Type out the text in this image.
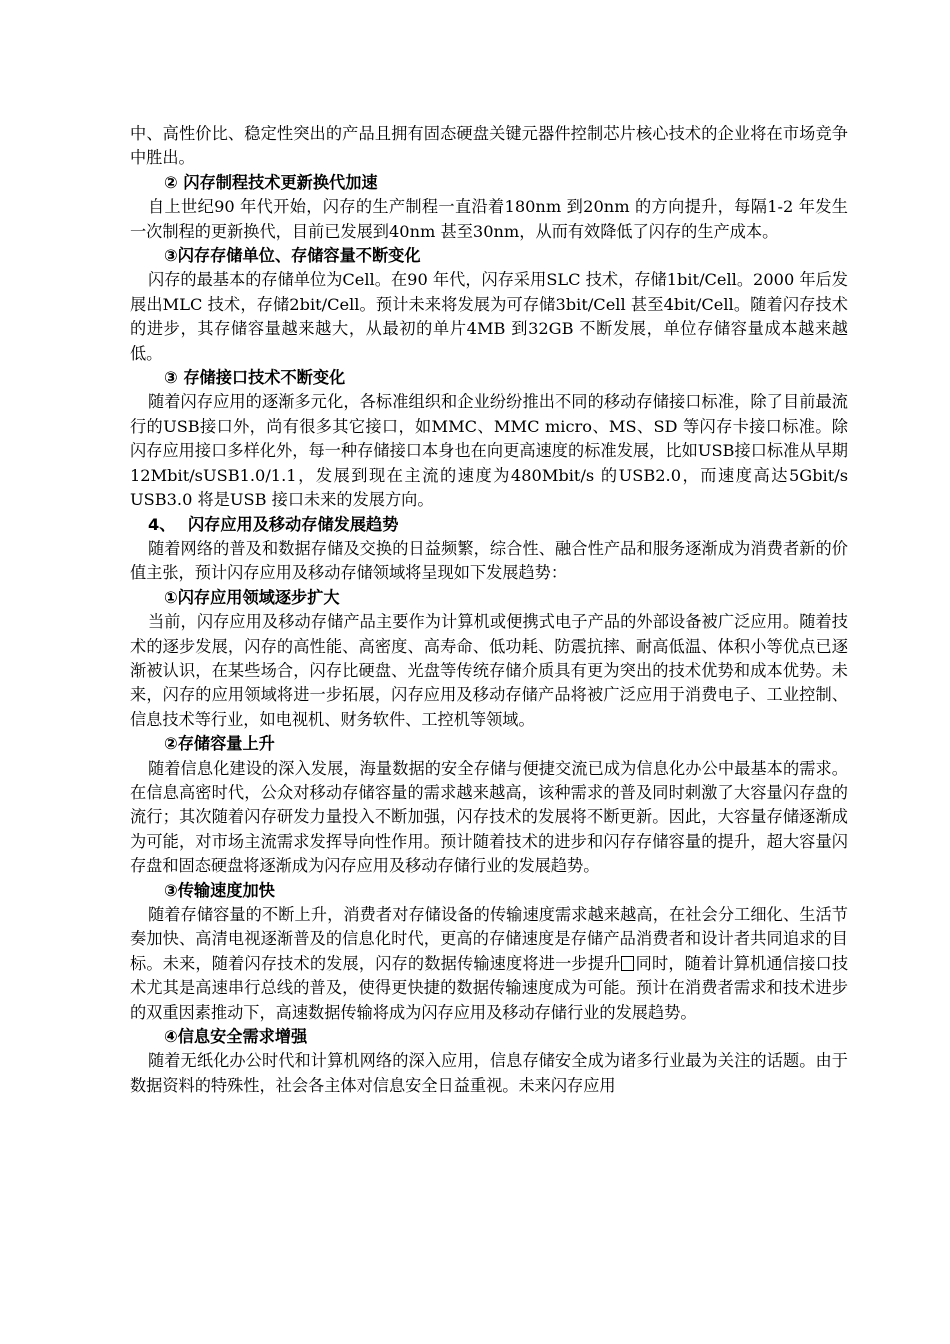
中、高性价比、稳定性突出的产品且拥有固态硬盘关键元器件控制芯片核心技术的企业将在市场竞争中胜出。

② 闪存制程技术更新换代加速

自上世纪90 年代开始，闪存的生产制程一直沿着180nm 到20nm 的方向提升，每隔1-2 年发生一次制程的更新换代，目前已发展到40nm 甚至30nm，从而有效降低了闪存的生产成本。

③闪存存储单位、存储容量不断变化

闪存的最基本的存储单位为Cell。在90 年代，闪存采用SLC 技术，存储1bit/Cell。2000 年后发展出MLC 技术，存储2bit/Cell。预计未来将发展为可存储3bit/Cell 甚至4bit/Cell。随着闪存技术的进步，其存储容量越来越大，从最初的单片4MB 到32GB 不断发展，单位存储容量成本越来越低。

③ 存储接口技术不断变化

随着闪存应用的逐渐多元化，各标准组织和企业纷纷推出不同的移动存储接口标准，除了目前最流行的USB接口外，尚有很多其它接口，如MMC、MMC micro、MS、SD 等闪存卡接口标准。除闪存应用接口多样化外，每一种存储接口本身也在向更高速度的标准发展，比如USB接口标准从早期12Mbit/sUSB1.0/1.1，发展到现在主流的速度为480Mbit/s 的USB2.0，而速度高达5Gbit/s USB3.0 将是USB 接口未来的发展方向。

4、 闪存应用及移动存储发展趋势

随着网络的普及和数据存储及交换的日益频繁，综合性、融合性产品和服务逐渐成为消费者新的价值主张，预计闪存应用及移动存储领域将呈现如下发展趋势：

①闪存应用领域逐步扩大

当前，闪存应用及移动存储产品主要作为计算机或便携式电子产品的外部设备被广泛应用。随着技术的逐步发展，闪存的高性能、高密度、高寿命、低功耗、防震抗摔、耐高低温、体积小等优点已逐渐被认识，在某些场合，闪存比硬盘、光盘等传统存储介质具有更为突出的技术优势和成本优势。未来，闪存的应用领域将进一步拓展，闪存应用及移动存储产品将被广泛应用于消费电子、工业控制、信息技术等行业，如电视机、财务软件、工控机等领域。

②存储容量上升

随着信息化建设的深入发展，海量数据的安全存储与便捷交流已成为信息化办公中最基本的需求。在信息高密时代，公众对移动存储容量的需求越来越高，该种需求的普及同时刺激了大容量闪存盘的流行；其次随着闪存研发力量投入不断加强，闪存技术的发展将不断更新。因此，大容量存储逐渐成为可能，对市场主流需求发挥导向性作用。预计随着技术的进步和闪存存储容量的提升，超大容量闪存盘和固态硬盘将逐渐成为闪存应用及移动存储行业的发展趋势。

③传输速度加快

随着存储容量的不断上升，消费者对存储设备的传输速度需求越来越高，在社会分工细化、生活节奏加快、高清电视逐渐普及的信息化时代，更高的存储速度是存储产品消费者和设计者共同追求的目标。未来，随着闪存技术的发展，闪存的数据传输速度将进一步提升 同时，随着计算机通信接口技术尤其是高速串行总线的普及，使得更快捷的数据传输速度成为可能。预计在消费者需求和技术进步的双重因素推动下，高速数据传输将成为闪存应用及移动存储行业的发展趋势。

④信息安全需求增强

随着无纸化办公时代和计算机网络的深入应用，信息存储安全成为诸多行业最为关注的话题。由于数据资料的特殊性，社会各主体对信息安全日益重视。未来闪存应用
